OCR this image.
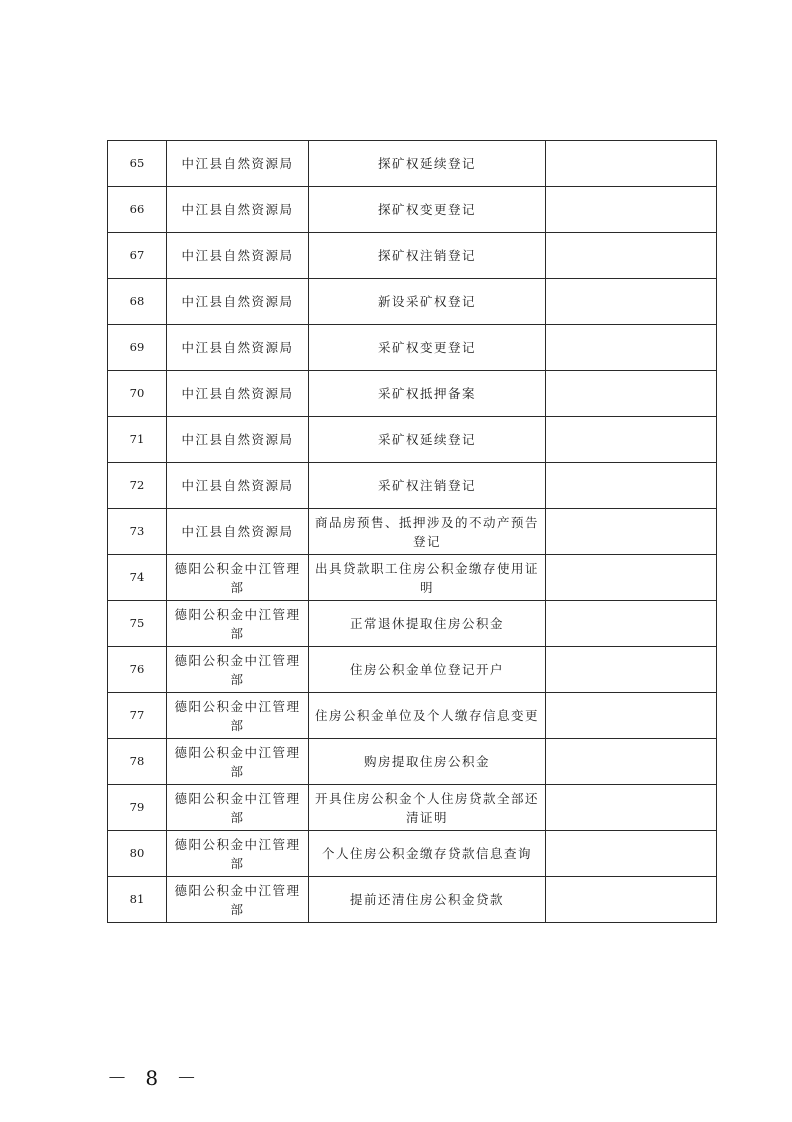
65	中江县自然资源局	探矿权延续登记	
66	中江县自然资源局	探矿权变更登记	
67	中江县自然资源局	探矿权注销登记	
68	中江县自然资源局	新设采矿权登记	
69	中江县自然资源局	采矿权变更登记	
70	中江县自然资源局	采矿权抵押备案	
71	中江县自然资源局	采矿权延续登记	
72	中江县自然资源局	采矿权注销登记	
73	中江县自然资源局	商品房预售、抵押涉及的不动产预告登记	
74	德阳公积金中江管理部	出具贷款职工住房公积金缴存使用证明	
75	德阳公积金中江管理部	正常退休提取住房公积金	
76	德阳公积金中江管理部	住房公积金单位登记开户	
77	德阳公积金中江管理部	住房公积金单位及个人缴存信息变更	
78	德阳公积金中江管理部	购房提取住房公积金	
79	德阳公积金中江管理部	开具住房公积金个人住房贷款全部还清证明	
80	德阳公积金中江管理部	个人住房公积金缴存贷款信息查询	
81	德阳公积金中江管理部	提前还清住房公积金贷款	
－ 8 －
